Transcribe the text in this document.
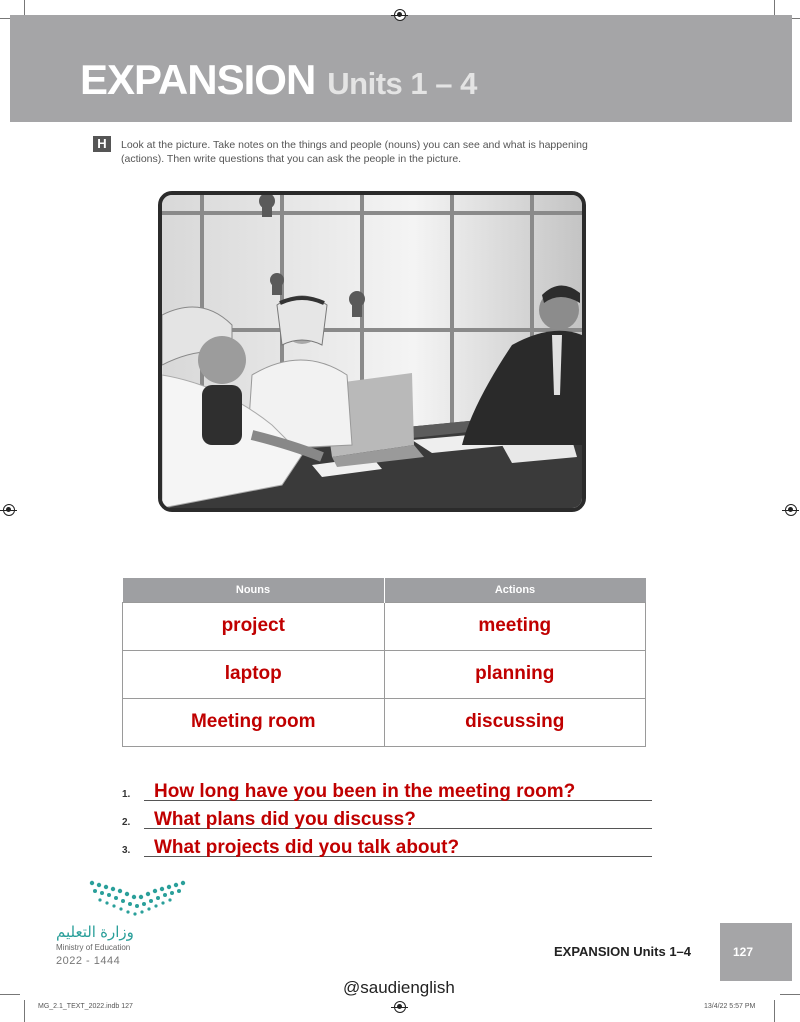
EXPANSION Units 1 – 4
H	Look at the picture. Take notes on the things and people (nouns) you can see and what is happening (actions). Then write questions that you can ask the people in the picture.
Nouns	Actions
project	meeting
laptop	planning
Meeting room	discussing
1.	How long have you been in the meeting room?
2.	What plans did you discuss?
3.	What projects did you talk about?
وزارة التعليم
Ministry of Education
2022 - 1444
EXPANSION Units 1–4	127
@saudienglish
MG_2.1_TEXT_2022.indb 127	13/4/22 5:57 PM
